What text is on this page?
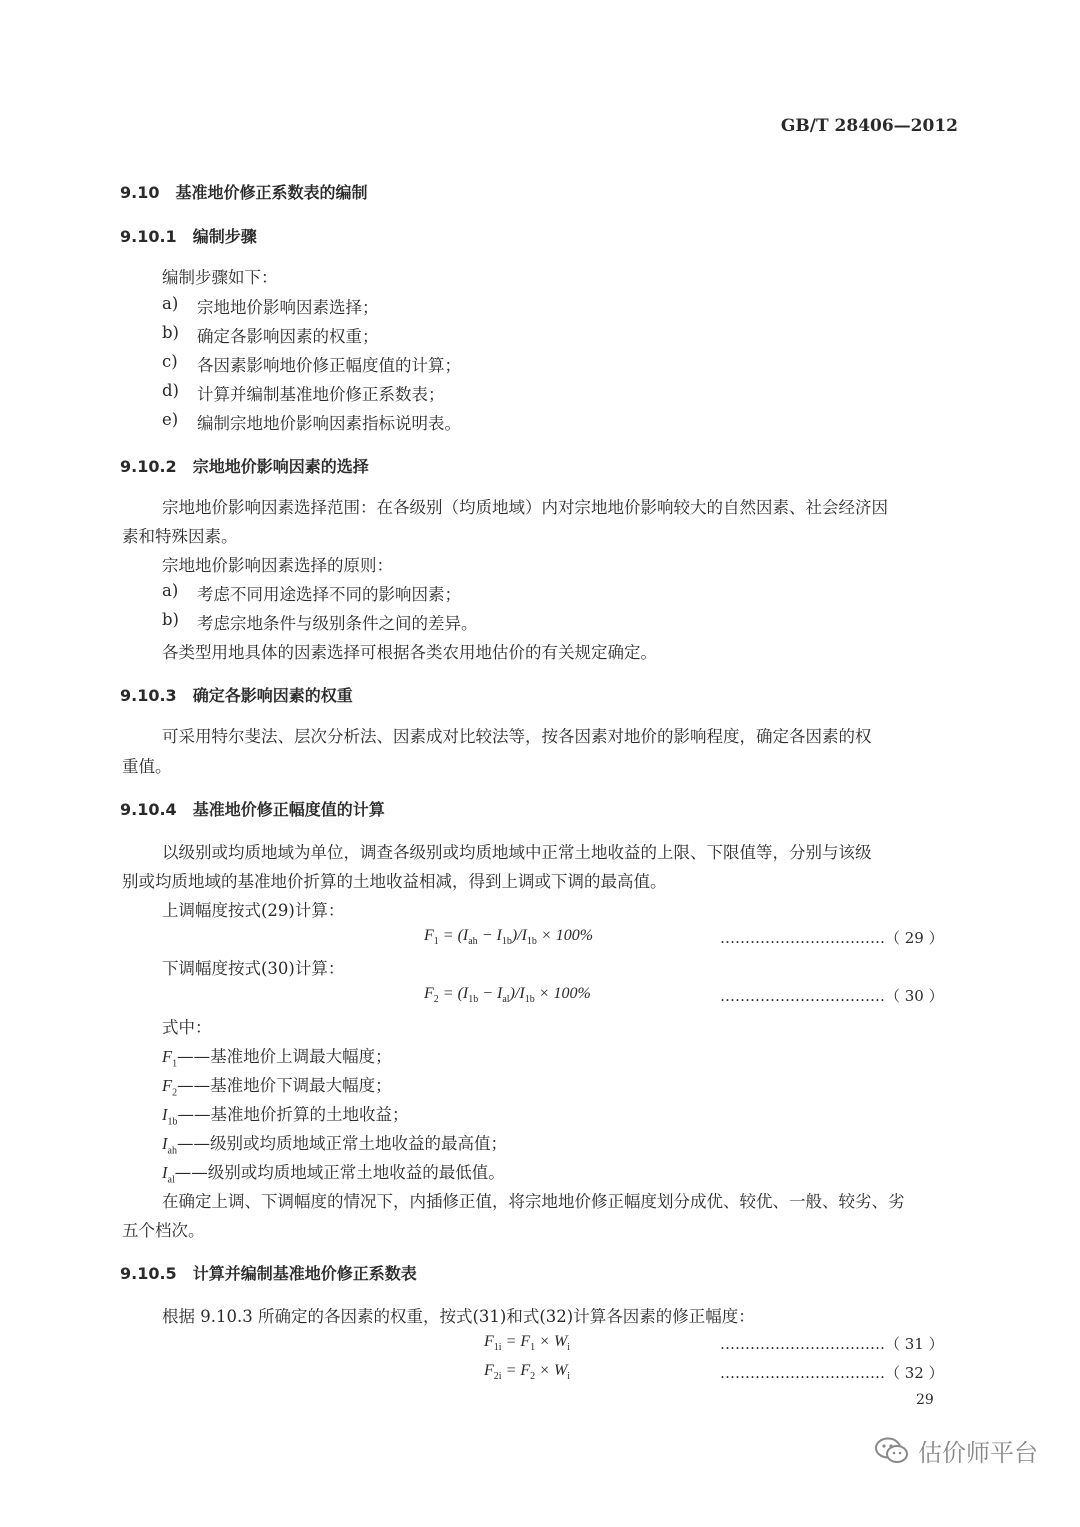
GB/T 28406—2012
9.10　基准地价修正系数表的编制
9.10.1　编制步骤
编制步骤如下：
a) 宗地地价影响因素选择；
b) 确定各影响因素的权重；
c) 各因素影响地价修正幅度值的计算；
d) 计算并编制基准地价修正系数表；
e) 编制宗地地价影响因素指标说明表。
9.10.2　宗地地价影响因素的选择
宗地地价影响因素选择范围：在各级别（均质地域）内对宗地地价影响较大的自然因素、社会经济因
素和特殊因素。
宗地地价影响因素选择的原则：
a) 考虑不同用途选择不同的影响因素；
b) 考虑宗地条件与级别条件之间的差异。
各类型用地具体的因素选择可根据各类农用地估价的有关规定确定。
9.10.3　确定各影响因素的权重
可采用特尔斐法、层次分析法、因素成对比较法等，按各因素对地价的影响程度，确定各因素的权
重值。
9.10.4　基准地价修正幅度值的计算
以级别或均质地域为单位，调查各级别或均质地域中正常土地收益的上限、下限值等，分别与该级
别或均质地域的基准地价折算的土地收益相减，得到上调或下调的最高值。
上调幅度按式(29)计算：
$F_1 = (I_{ah} - I_{1b})/I_{1b} \times 100\%$	……………………………（ 29 ）
下调幅度按式(30)计算：
$F_2 = (I_{1b} - I_{al})/I_{1b} \times 100\%$	……………………………（ 30 ）
式中：
$F_1——$基准地价上调最大幅度；
$F_2——$基准地价下调最大幅度；
$I_{1b}——$基准地价折算的土地收益；
$I_{ah}——$级别或均质地域正常土地收益的最高值；
$I_{al}——$级别或均质地域正常土地收益的最低值。
在确定上调、下调幅度的情况下，内插修正值，将宗地地价修正幅度划分成优、较优、一般、较劣、劣
五个档次。
9.10.5　计算并编制基准地价修正系数表
根据 9.10.3 所确定的各因素的权重，按式(31)和式(32)计算各因素的修正幅度：
$F_{1i} = F_1 \times W_i$	……………………………（ 31 ）
$F_{2i} = F_2 \times W_i$	……………………………（ 32 ）
29
估价师平台
